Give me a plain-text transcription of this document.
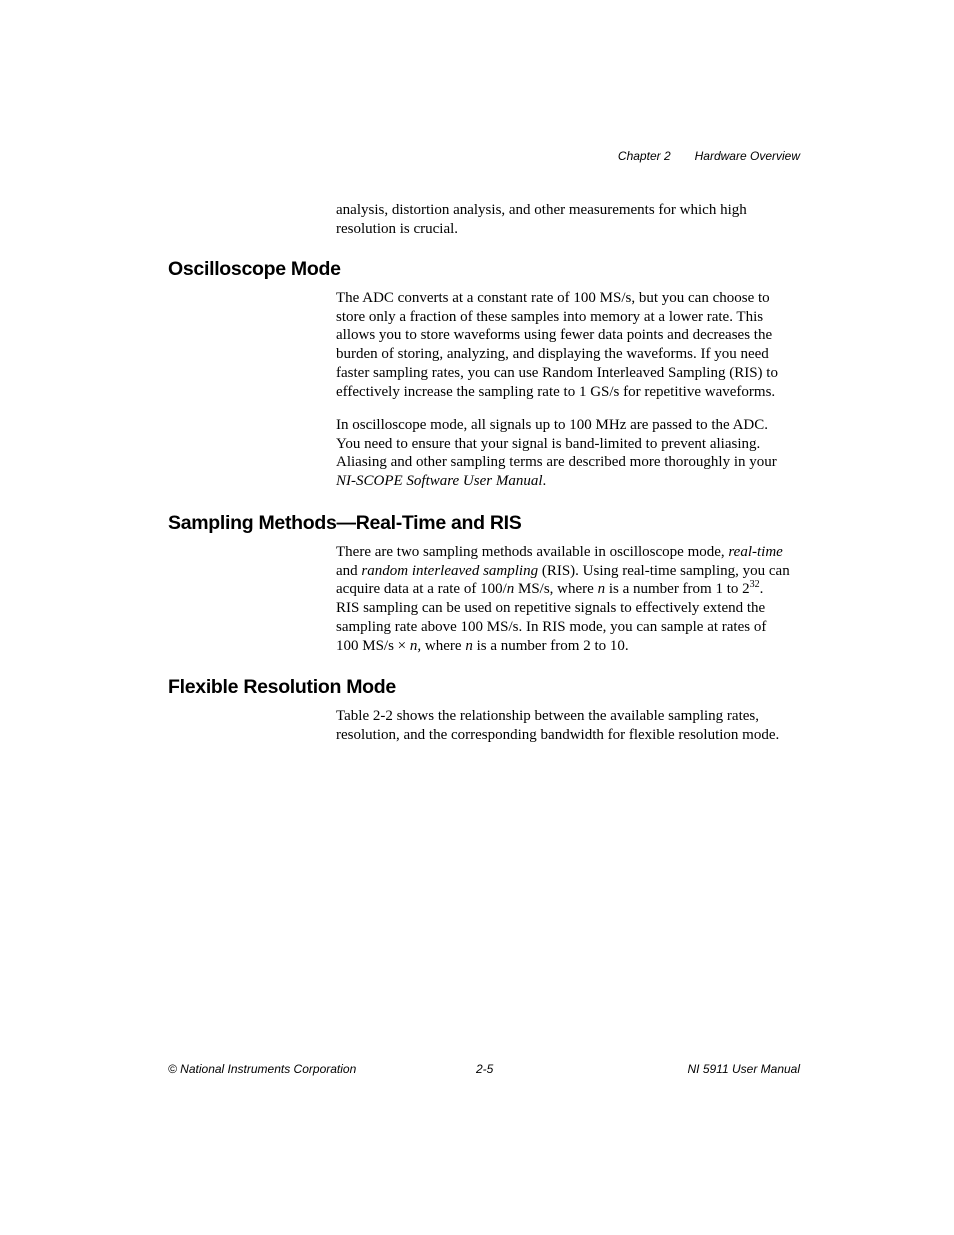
Chapter 2 Hardware Overview

analysis, distortion analysis, and other measurements for which high
resolution is crucial.

Oscilloscope Mode

The ADC converts at a constant rate of 100 MS/s, but you can choose to
store only a fraction of these samples into memory at a lower rate. This
allows you to store waveforms using fewer data points and decreases the
burden of storing, analyzing, and displaying the waveforms. If you need
faster sampling rates, you can use Random Interleaved Sampling (RIS) to
effectively increase the sampling rate to 1 GS/s for repetitive waveforms.

In oscilloscope mode, all signals up to 100 MHz are passed to the ADC.
You need to ensure that your signal is band-limited to prevent aliasing.
Aliasing and other sampling terms are described more thoroughly in your
NI-SCOPE Software User Manual.

Sampling Methods—Real-Time and RIS

There are two sampling methods available in oscilloscope mode, real-time
and random interleaved sampling (RIS). Using real-time sampling, you can
acquire data at a rate of 100/n MS/s, where n is a number from 1 to $2^{32}$.
RIS sampling can be used on repetitive signals to effectively extend the
sampling rate above 100 MS/s. In RIS mode, you can sample at rates of
100 MS/s × n, where n is a number from 2 to 10.

Flexible Resolution Mode

Table 2-2 shows the relationship between the available sampling rates,
resolution, and the corresponding bandwidth for flexible resolution mode.

© National Instruments Corporation	2-5	NI 5911 User Manual
